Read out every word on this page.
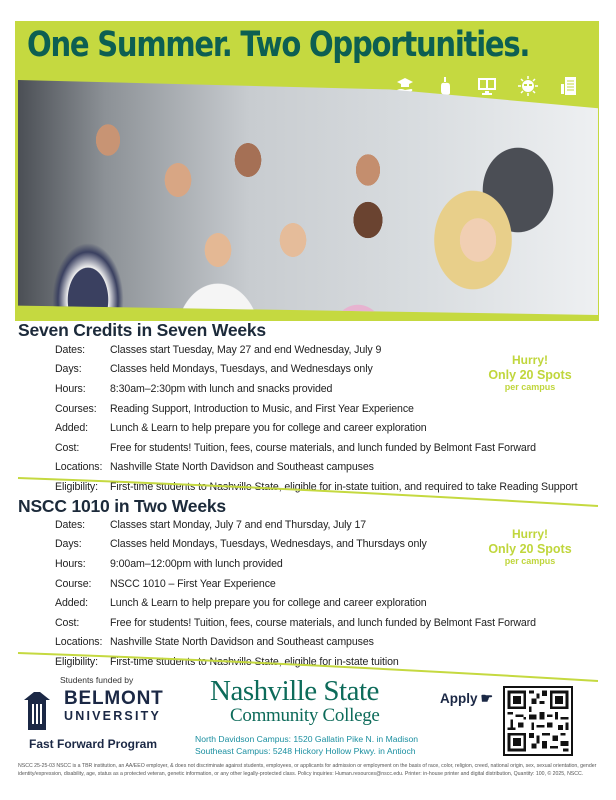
One Summer. Two Opportunities.
Seven Credits in Seven Weeks
Dates:	Classes start Tuesday, May 27 and end Wednesday, July 9
Days:	Classes held Mondays, Tuesdays, and Wednesdays only
Hours:	8:30am–2:30pm with lunch and snacks provided
Courses:	Reading Support, Introduction to Music, and First Year Experience
Added:	Lunch & Learn to help prepare you for college and career exploration
Cost:	Free for students! Tuition, fees, course materials, and lunch funded by Belmont Fast Forward
Locations: Nashville State North Davidson and Southeast campuses
Eligibility:	First-time students to Nashville State, eligible for in-state tuition, and required to take Reading Support
Hurry!
Only 20 Spots
per campus
NSCC 1010 in Two Weeks
Dates:	Classes start Monday, July 7 and end Thursday, July 17
Days:	Classes held Mondays, Tuesdays, Wednesdays, and Thursdays only
Hours:	9:00am–12:00pm with lunch provided
Course:	NSCC 1010 – First Year Experience
Added:	Lunch & Learn to help prepare you for college and career exploration
Cost:	Free for students! Tuition, fees, course materials, and lunch funded by Belmont Fast Forward
Locations: Nashville State North Davidson and Southeast campuses
Eligibility:	First-time students to Nashville State, eligible for in-state tuition
Hurry!
Only 20 Spots
per campus
Students funded by
BELMONT
UNIVERSITY
Fast Forward Program
Nashville State
Community College
North Davidson Campus: 1520 Gallatin Pike N. in Madison
Southeast Campus: 5248 Hickory Hollow Pkwy. in Antioch
Apply ☛
NSCC 25-25-03 NSCC is a TBR institution, an AA/EEO employer, & does not discriminate against students, employees, or applicants for admission or employment on the basis of race, color, religion, creed, national origin, sex, sexual orientation, gender identity/expression, disability, age, status as a protected veteran, genetic information, or any other legally-protected class. Policy inquiries: Human.resources@nscc.edu. Printer: in-house printer and digital distribution, Quantity: 100, © 2025, NSCC.
